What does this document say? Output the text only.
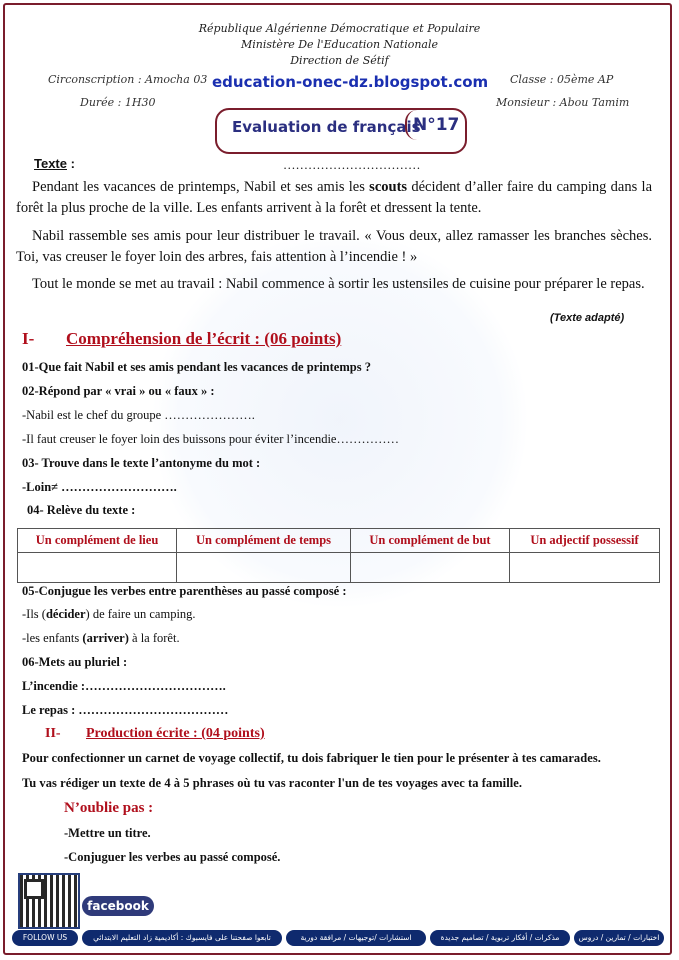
République Algérienne Démocratique et Populaire
Ministère De l'Education Nationale
Direction de Sétif
Circonscription : Amocha 03
Durée : 1H30
Classe : 05ème AP
Monsieur : Abou Tamim
education-onec-dz.blogspot.com
Evaluation de français
N°17
Texte :	……………………………
Pendant les vacances de printemps, Nabil et ses amis les scouts décident d’aller faire du camping dans la forêt la plus proche de la ville. Les enfants arrivent à la forêt et dressent la tente.
Nabil rassemble ses amis pour leur distribuer le travail. « Vous deux, allez ramasser les branches sèches. Toi, vas creuser le foyer loin des arbres, fais attention à l’incendie ! »
Tout le monde se met au travail : Nabil commence à sortir les ustensiles de cuisine pour préparer le repas.
(Texte adapté)
I- Compréhension de l’écrit : (06 points)
01-Que fait Nabil et ses amis pendant les vacances de printemps ?
02-Répond par « vrai » ou « faux » :
-Nabil est le chef du groupe ………………….
-Il faut creuser le foyer loin des buissons pour éviter l’incendie……………
03- Trouve dans le texte l’antonyme du mot :
-Loin≠ ……………………….
04- Relève du texte :
Un complément de lieu	Un complément de temps	Un complément de but	Un adjectif possessif

05-Conjugue les verbes entre parenthèses au passé composé :
-Ils (décider) de faire un camping.
-les enfants (arriver) à la forêt.
06-Mets au pluriel :
L’incendie :…………………………….
Le repas : ………………………………
II- Production écrite : (04 points)
Pour confectionner un carnet de voyage collectif, tu dois fabriquer le tien pour le présenter à tes camarades.
Tu vas rédiger un texte de 4 à 5 phrases où tu vas raconter l'un de tes voyages avec ta famille.
N’oublie pas :
-Mettre un titre.
-Conjuguer les verbes au passé composé.
facebook
FOLLOW US	تابعوا صفحتنا على فايسبوك : أكاديمية زاد التعليم الابتدائي	استشارات /توجيهات / مرافقة دورية	مذكرات / أفكار تربوية / تصاميم جديدة	اختبارات / تمارين / دروس
